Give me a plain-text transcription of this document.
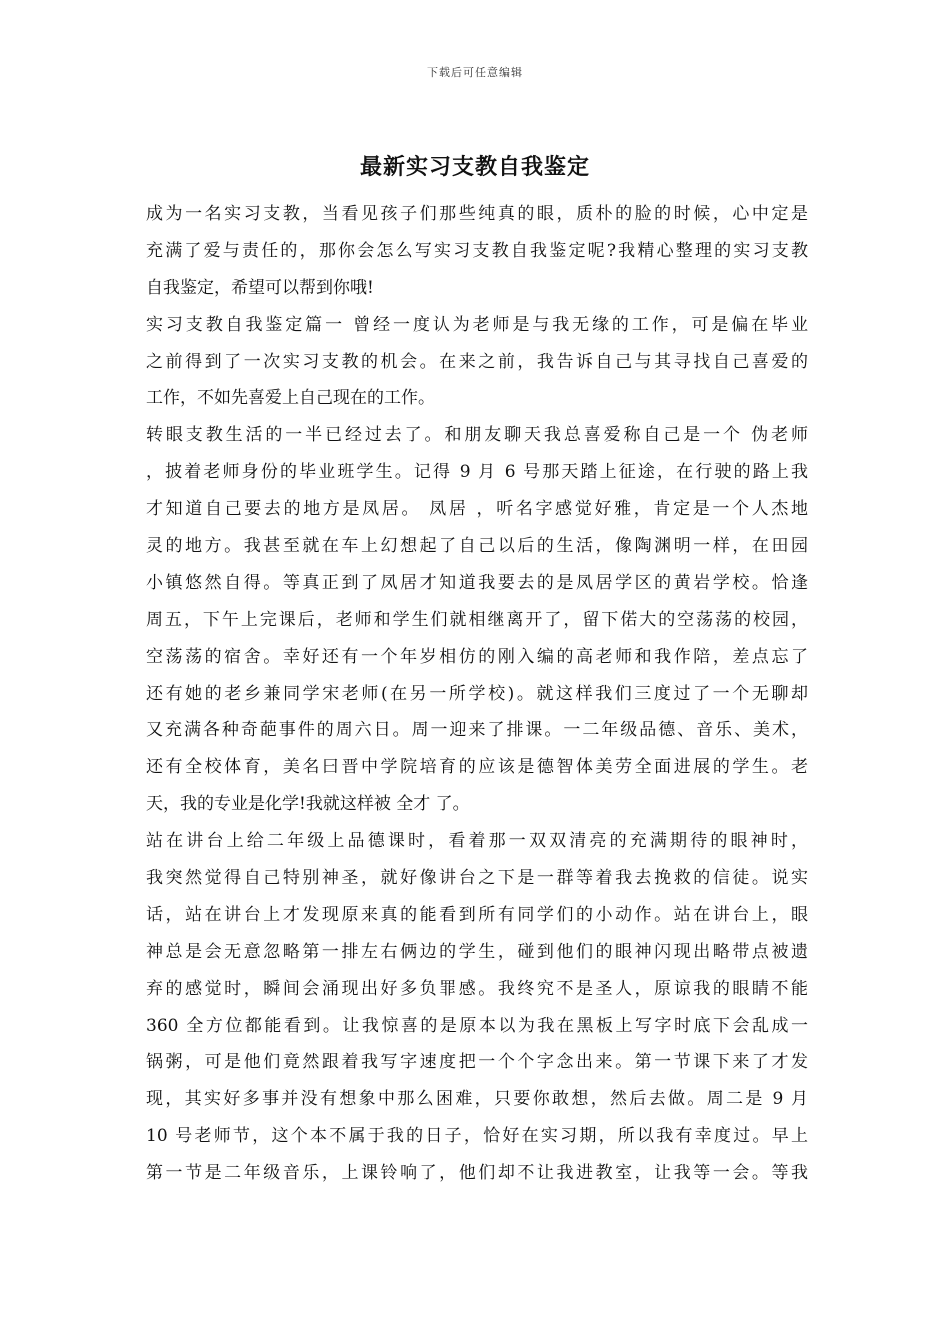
下载后可任意编辑
最新实习支教自我鉴定
成为一名实习支教，当看见孩子们那些纯真的眼，质朴的脸的时候，心中定是
充满了爱与责任的，那你会怎么写实习支教自我鉴定呢?我精心整理的实习支教
自我鉴定，希望可以帮到你哦!
实习支教自我鉴定篇一 曾经一度认为老师是与我无缘的工作，可是偏在毕业
之前得到了一次实习支教的机会。在来之前，我告诉自己与其寻找自己喜爱的
工作，不如先喜爱上自己现在的工作。
转眼支教生活的一半已经过去了。和朋友聊天我总喜爱称自己是一个 伪老师
，披着老师身份的毕业班学生。记得 9 月 6 号那天踏上征途，在行驶的路上我
才知道自己要去的地方是凤居。 凤居 ，听名字感觉好雅，肯定是一个人杰地
灵的地方。我甚至就在车上幻想起了自己以后的生活，像陶渊明一样，在田园
小镇悠然自得。等真正到了凤居才知道我要去的是凤居学区的黄岩学校。恰逢
周五，下午上完课后，老师和学生们就相继离开了，留下偌大的空荡荡的校园，
空荡荡的宿舍。幸好还有一个年岁相仿的刚入编的高老师和我作陪，差点忘了
还有她的老乡兼同学宋老师(在另一所学校)。就这样我们三度过了一个无聊却
又充满各种奇葩事件的周六日。周一迎来了排课。一二年级品德、音乐、美术，
还有全校体育，美名曰晋中学院培育的应该是德智体美劳全面进展的学生。老
天，我的专业是化学!我就这样被 全才 了。
站在讲台上给二年级上品德课时，看着那一双双清亮的充满期待的眼神时，
我突然觉得自己特别神圣，就好像讲台之下是一群等着我去挽救的信徒。说实
话，站在讲台上才发现原来真的能看到所有同学们的小动作。站在讲台上，眼
神总是会无意忽略第一排左右俩边的学生，碰到他们的眼神闪现出略带点被遗
弃的感觉时，瞬间会涌现出好多负罪感。我终究不是圣人，原谅我的眼睛不能
360 全方位都能看到。让我惊喜的是原本以为我在黑板上写字时底下会乱成一
锅粥，可是他们竟然跟着我写字速度把一个个字念出来。第一节课下来了才发
现，其实好多事并没有想象中那么困难，只要你敢想，然后去做。周二是 9 月
10 号老师节，这个本不属于我的日子，恰好在实习期，所以我有幸度过。早上
第一节是二年级音乐，上课铃响了，他们却不让我进教室，让我等一会。等我
